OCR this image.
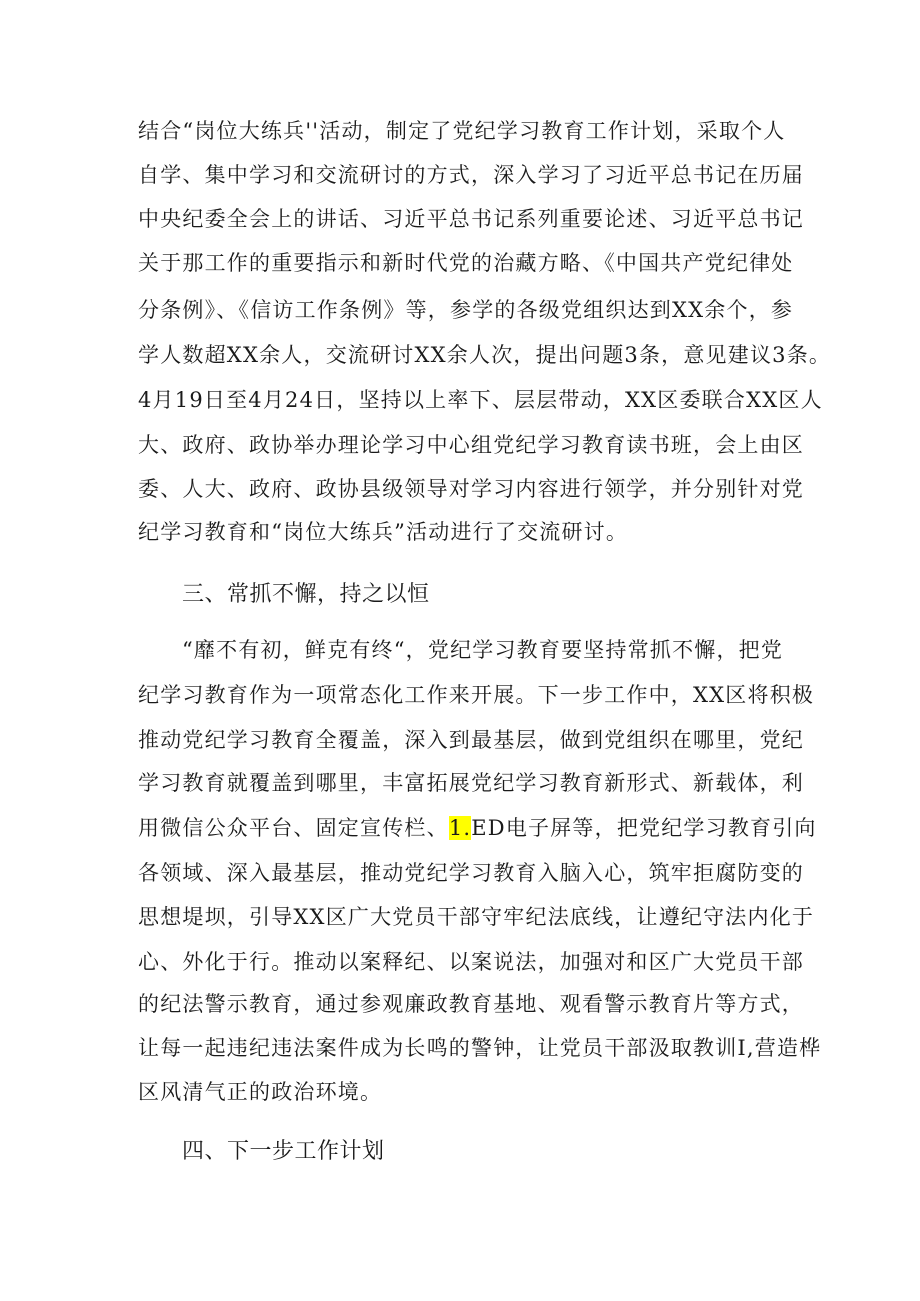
结合“岗位大练兵''活动，制定了党纪学习教育工作计划，采取个人
自学、集中学习和交流研讨的方式，深入学习了习近平总书记在历届
中央纪委全会上的讲话、习近平总书记系列重要论述、习近平总书记
关于那工作的重要指示和新时代党的治藏方略、《中国共产党纪律处
分条例》、《信访工作条例》等，参学的各级党组织达到XX余个，参
学人数超XX余人，交流研讨XX余人次，提出问题3条，意见建议3条。
4月19日至4月24日，坚持以上率下、层层带动，XX区委联合XX区人
大、政府、政协举办理论学习中心组党纪学习教育读书班，会上由区
委、人大、政府、政协县级领导对学习内容进行领学，并分别针对党
纪学习教育和“岗位大练兵”活动进行了交流研讨。
三、常抓不懈，持之以恒
“靡不有初，鲜克有终“，党纪学习教育要坚持常抓不懈，把党
纪学习教育作为一项常态化工作来开展。下一步工作中，XX区将积极
推动党纪学习教育全覆盖，深入到最基层，做到党组织在哪里，党纪
学习教育就覆盖到哪里，丰富拓展党纪学习教育新形式、新载体，利
用微信公众平台、固定宣传栏、1.ED电子屏等，把党纪学习教育引向
各领域、深入最基层，推动党纪学习教育入脑入心，筑牢拒腐防变的
思想堤坝，引导XX区广大党员干部守牢纪法底线，让遵纪守法内化于
心、外化于行。推动以案释纪、以案说法，加强对和区广大党员干部
的纪法警示教育，通过参观廉政教育基地、观看警示教育片等方式，
让每一起违纪违法案件成为长鸣的警钟，让党员干部汲取教训I,营造桦
区风清气正的政治环境。
四、下一步工作计划
